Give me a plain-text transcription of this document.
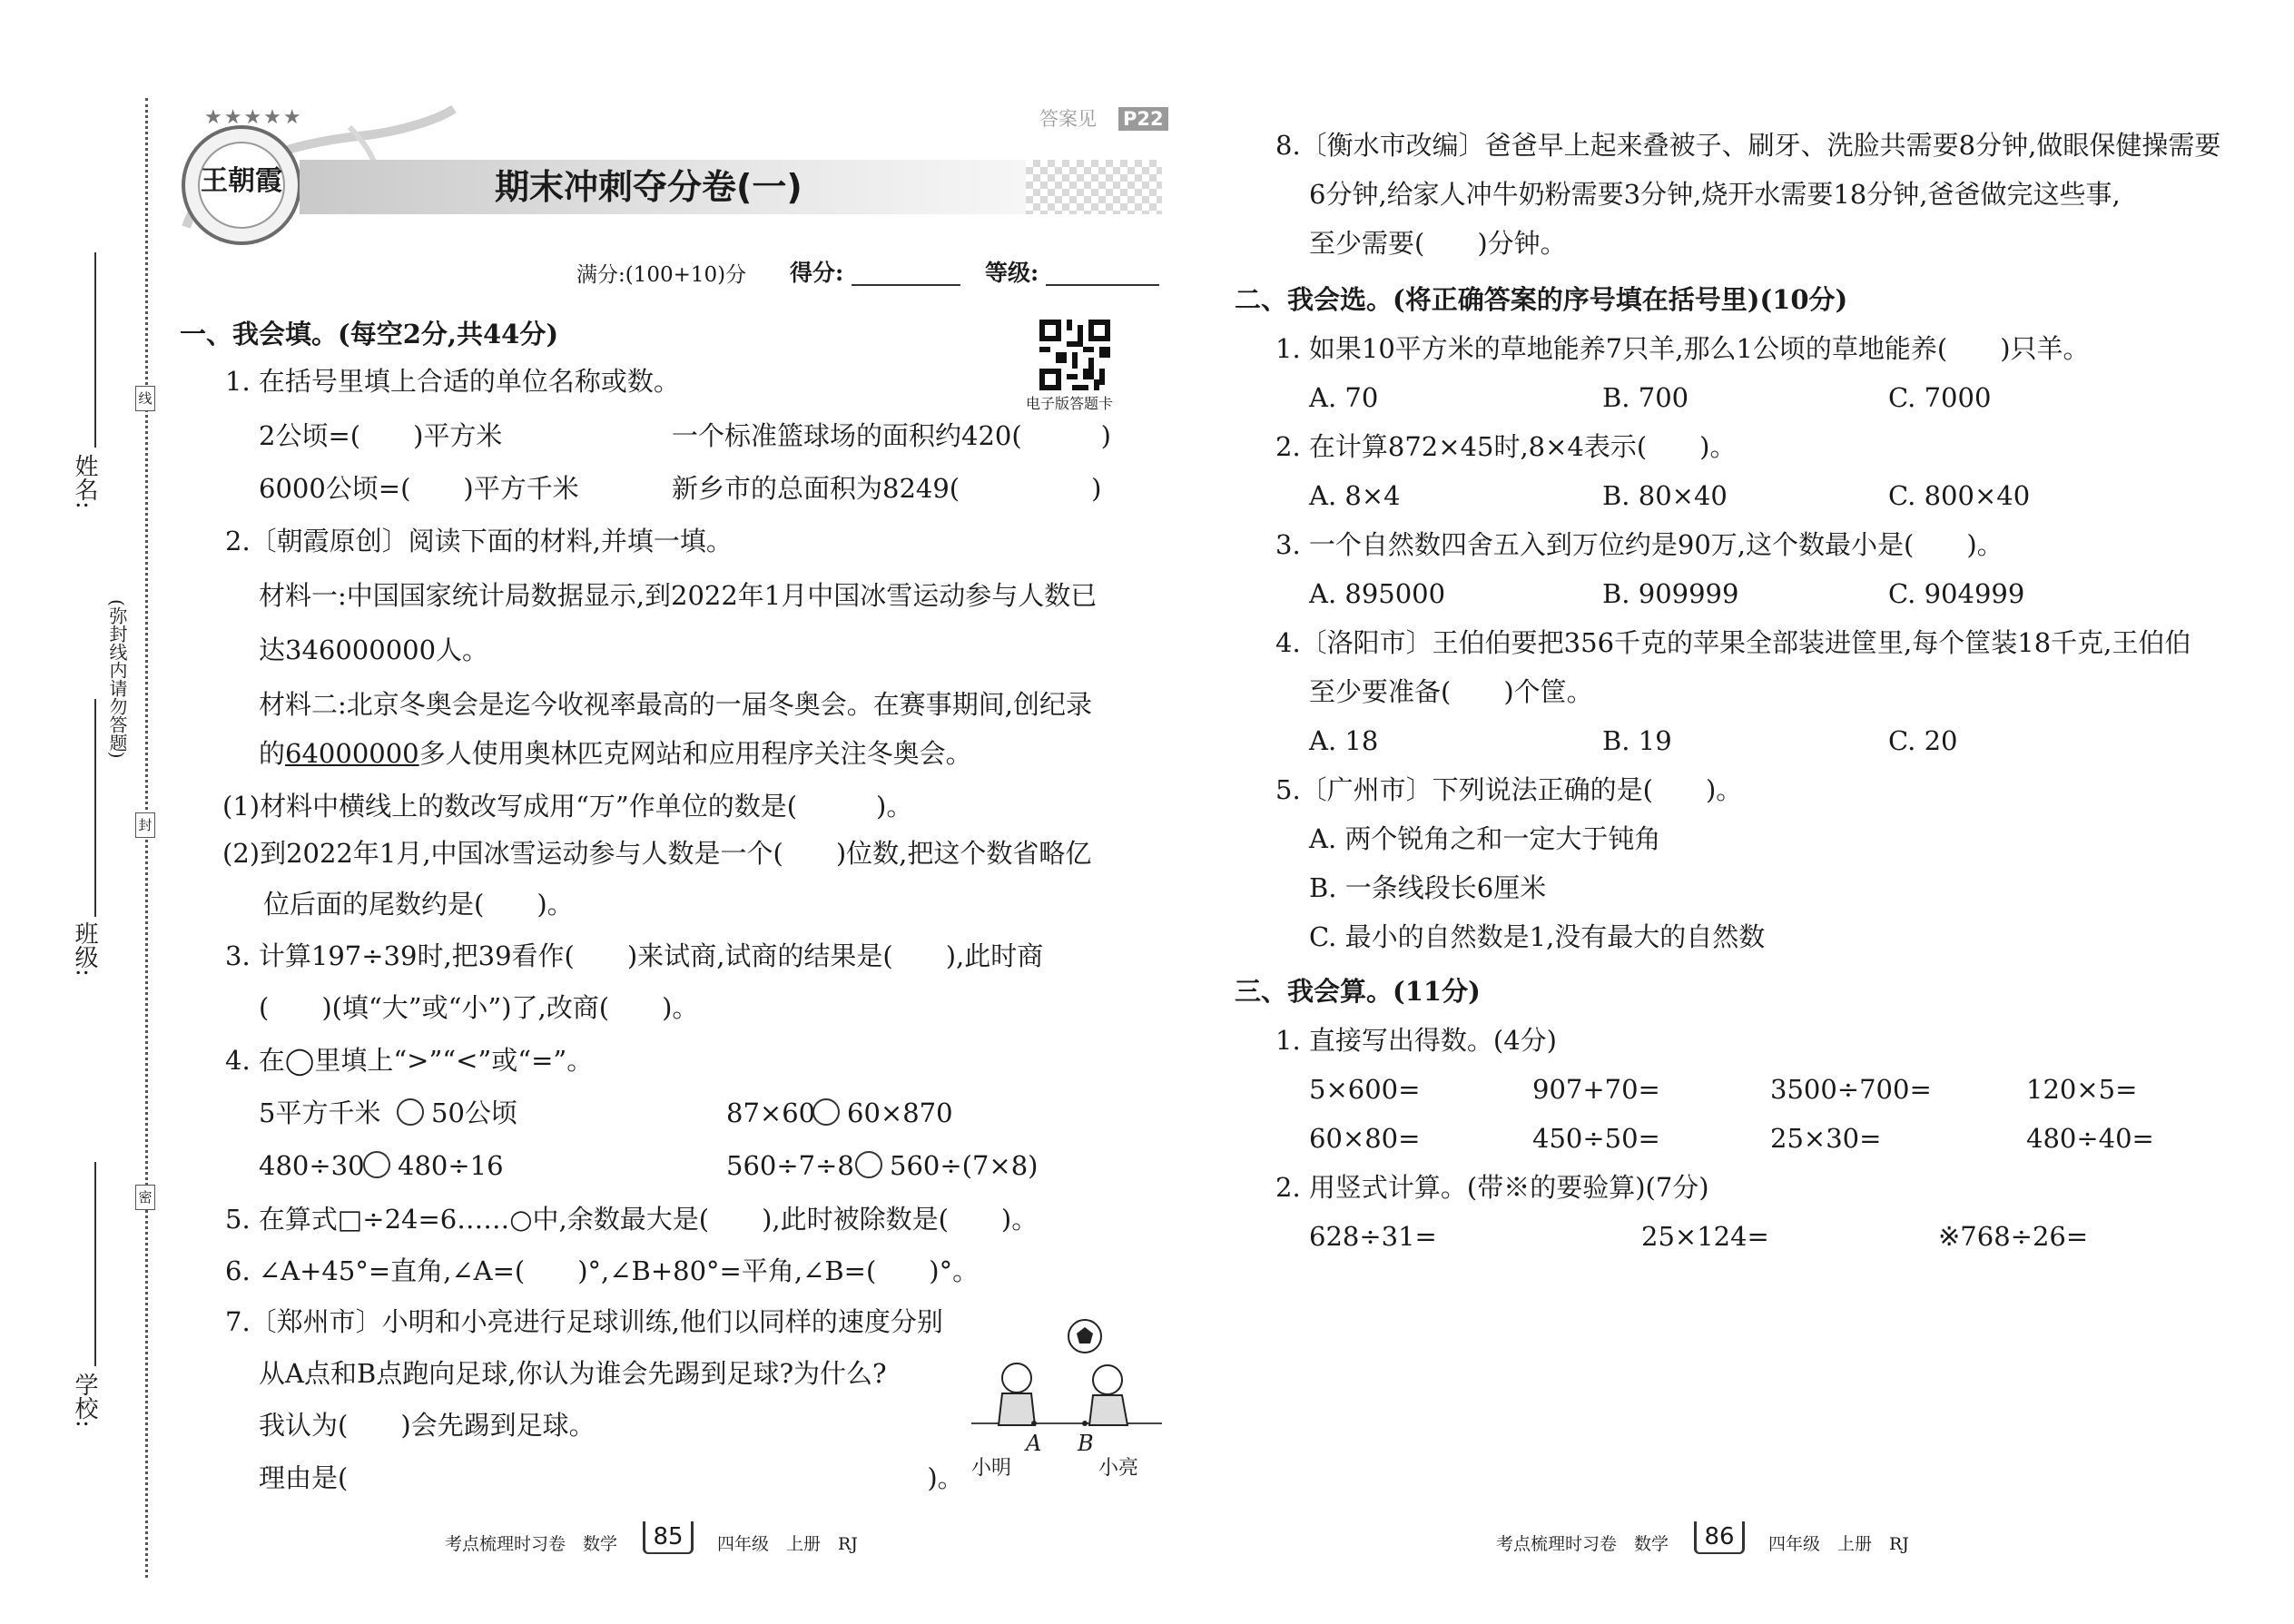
线
封
密
(弥封线内请勿答题)
姓名:
班级:
学校:
王朝霞
★★★★★	答案见 P22
期末冲刺夺分卷(一)
满分:(100+10)分 得分:	等级:
电子版答题卡
一、我会填。(每空2分,共44分)
1. 在括号里填上合适的单位名称或数。
2公顷=(　　)平方米	一个标准篮球场的面积约420(　　　)
6000公顷=(　　)平方千米	新乡市的总面积为8249(　　　　　)
2.〔朝霞原创〕阅读下面的材料,并填一填。
材料一:中国国家统计局数据显示,到2022年1月中国冰雪运动参与人数已
达346000000人。
材料二:北京冬奥会是迄今收视率最高的一届冬奥会。在赛事期间,创纪录
的64000000多人使用奥林匹克网站和应用程序关注冬奥会。
(1)材料中横线上的数改写成用“万”作单位的数是(　　　)。
(2)到2022年1月,中国冰雪运动参与人数是一个(　　)位数,把这个数省略亿
位后面的尾数约是(　　)。
3. 计算197÷39时,把39看作(　　)来试商,试商的结果是(　　),此时商
(　　)(填“大”或“小”)了,改商(　　)。
4. 在◯里填上“>”“<”或“=”。
5平方千米 50公顷	87×60 60×870
480÷30 480÷16	560÷7÷8 560÷(7×8)
5. 在算式□÷24=6……○中,余数最大是(　　),此时被除数是(　　)。
6. ∠A+45°=直角,∠A=(　　)°,∠B+80°=平角,∠B=(　　)°。
7.〔郑州市〕小明和小亮进行足球训练,他们以同样的速度分别
从A点和B点跑向足球,你认为谁会先踢到足球?为什么?
我认为(　　)会先踢到足球。
理由是(　　　　　　　　　　　　　　　　　　　　　　)。
A B
小明	小亮
8.〔衡水市改编〕爸爸早上起来叠被子、刷牙、洗脸共需要8分钟,做眼保健操需要
6分钟,给家人冲牛奶粉需要3分钟,烧开水需要18分钟,爸爸做完这些事,
至少需要(　　)分钟。
二、我会选。(将正确答案的序号填在括号里)(10分)
1. 如果10平方米的草地能养7只羊,那么1公顷的草地能养(　　)只羊。
A. 70	B. 700	C. 7000
2. 在计算872×45时,8×4表示(　　)。
A. 8×4	B. 80×40	C. 800×40
3. 一个自然数四舍五入到万位约是90万,这个数最小是(　　)。
A. 895000	B. 909999	C. 904999
4.〔洛阳市〕王伯伯要把356千克的苹果全部装进筐里,每个筐装18千克,王伯伯
至少要准备(　　)个筐。
A. 18	B. 19	C. 20
5.〔广州市〕下列说法正确的是(　　)。
A. 两个锐角之和一定大于钝角
B. 一条线段长6厘米
C. 最小的自然数是1,没有最大的自然数
三、我会算。(11分)
1. 直接写出得数。(4分)
5×600=	907+70=	3500÷700=	120×5=
60×80=	450÷50=	25×30=	480÷40=
2. 用竖式计算。(带※的要验算)(7分)
628÷31=	25×124=	※768÷26=
考点梳理时习卷　数学	85	四年级　上册　RJ	考点梳理时习卷　数学	86	四年级　上册　RJ
